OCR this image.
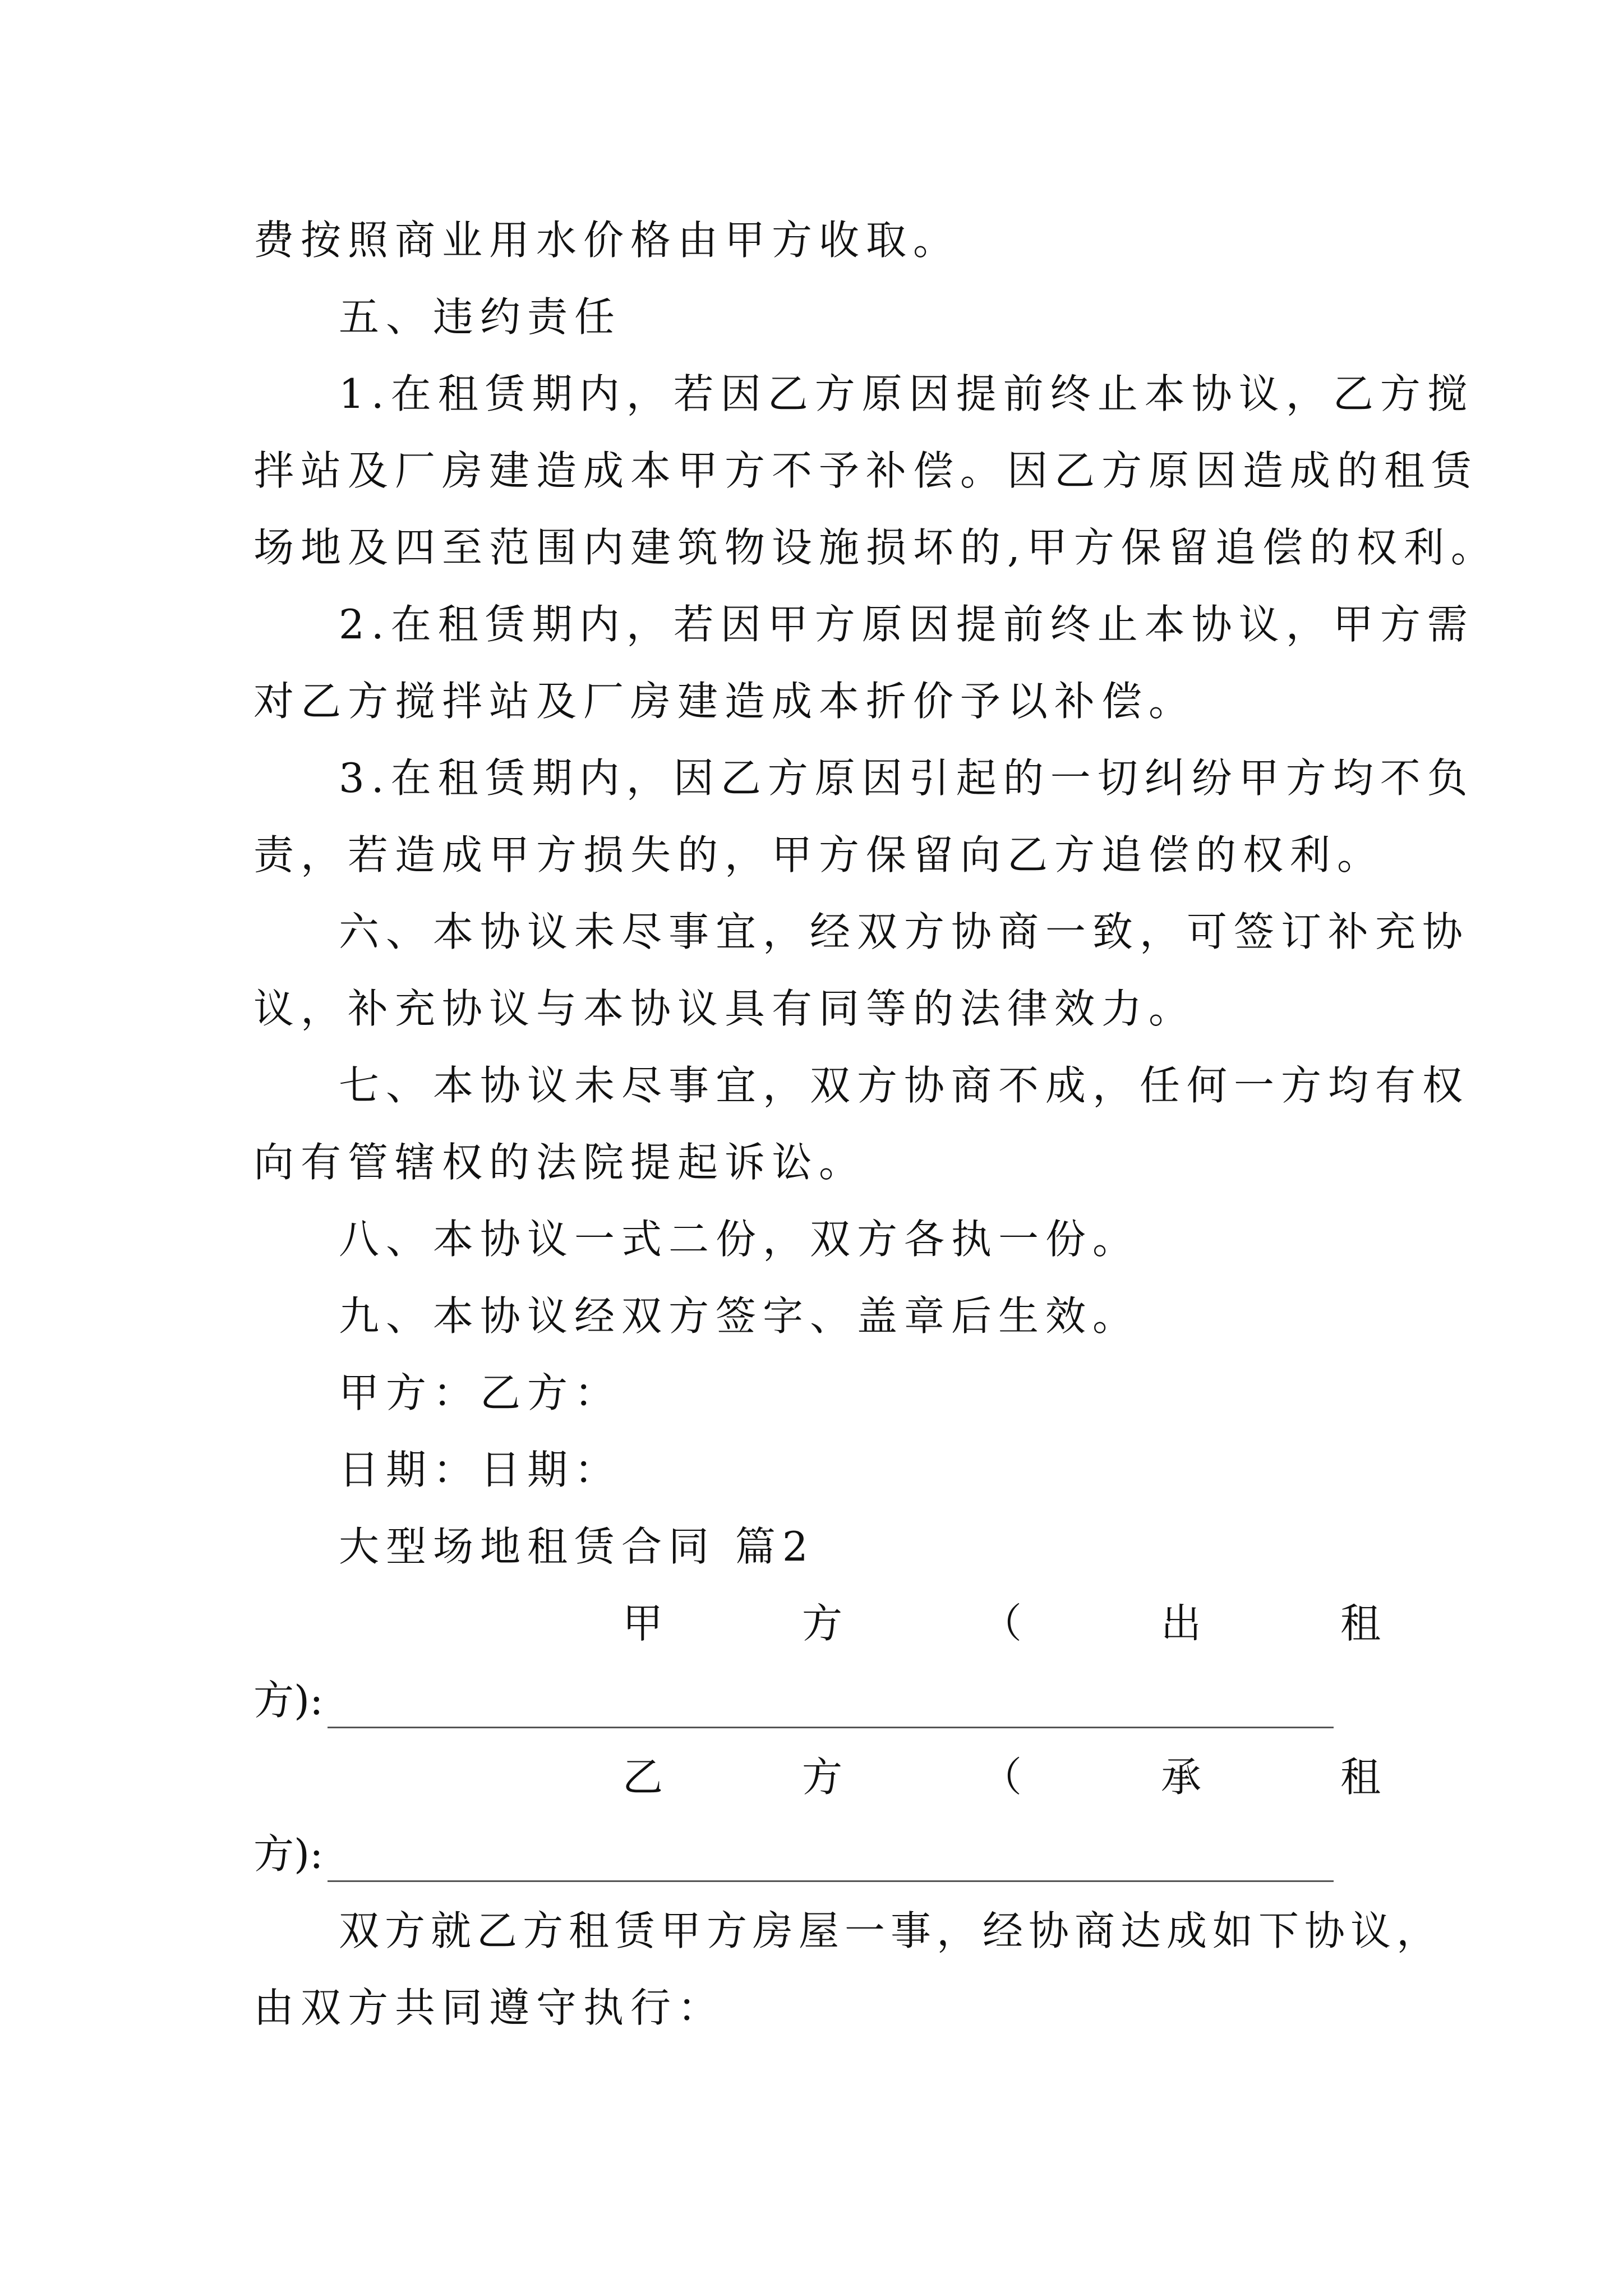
费按照商业用水价格由甲方收取。
五、违约责任
1.在租赁期内，若因乙方原因提前终止本协议，乙方搅
拌站及厂房建造成本甲方不予补偿。因乙方原因造成的租赁
场地及四至范围内建筑物设施损坏的,甲方保留追偿的权利。
2.在租赁期内，若因甲方原因提前终止本协议，甲方需
对乙方搅拌站及厂房建造成本折价予以补偿。
3.在租赁期内，因乙方原因引起的一切纠纷甲方均不负
责，若造成甲方损失的，甲方保留向乙方追偿的权利。
六、本协议未尽事宜，经双方协商一致，可签订补充协
议，补充协议与本协议具有同等的法律效力。
七、本协议未尽事宜，双方协商不成，任何一方均有权
向有管辖权的法院提起诉讼。
八、本协议一式二份，双方各执一份。
九、本协议经双方签字、盖章后生效。
甲方：乙方：
日期：日期：
大型场地租赁合同 篇2
甲	方	（	出	租
方):
乙	方	（	承	租
方):
双方就乙方租赁甲方房屋一事，经协商达成如下协议，
由双方共同遵守执行：
